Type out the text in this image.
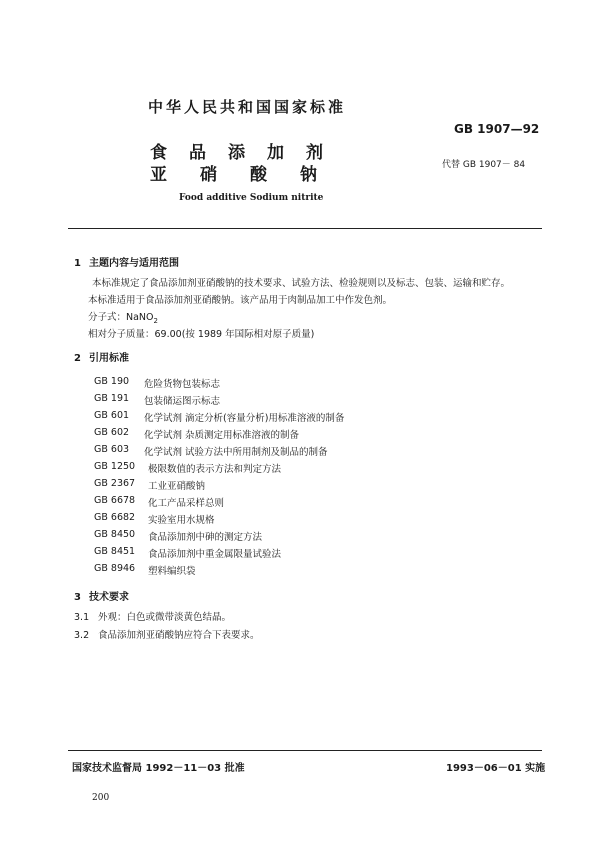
中华人民共和国国家标准
GB 1907—92
食品添加剂
亚硝酸钠	代替 GB 1907－ 84
Food additive Sodium nitrite
1 主题内容与适用范围
本标准规定了食品添加剂亚硝酸钠的技术要求、试验方法、检验规则以及标志、包装、运输和贮存。
本标准适用于食品添加剂亚硝酸钠。该产品用于肉制品加工中作发色剂。
分子式：NaNO$_2$
相对分子质量：69.00(按 1989 年国际相对原子质量)
2 引用标准
GB 190 危险货物包装标志
GB 191 包装储运图示标志
GB 601 化学试剂 滴定分析(容量分析)用标准溶液的制备
GB 602 化学试剂 杂质测定用标准溶液的制备
GB 603 化学试剂 试验方法中所用制剂及制品的制备
GB 1250 极限数值的表示方法和判定方法
GB 2367 工业亚硝酸钠
GB 6678 化工产品采样总则
GB 6682 实验室用水规格
GB 8450 食品添加剂中砷的测定方法
GB 8451 食品添加剂中重金属限量试验法
GB 8946 塑料编织袋
3 技术要求
3.1 外观：白色或微带淡黄色结晶。
3.2 食品添加剂亚硝酸钠应符合下表要求。
国家技术监督局 1992－11－03 批准	1993－06－01 实施
200
